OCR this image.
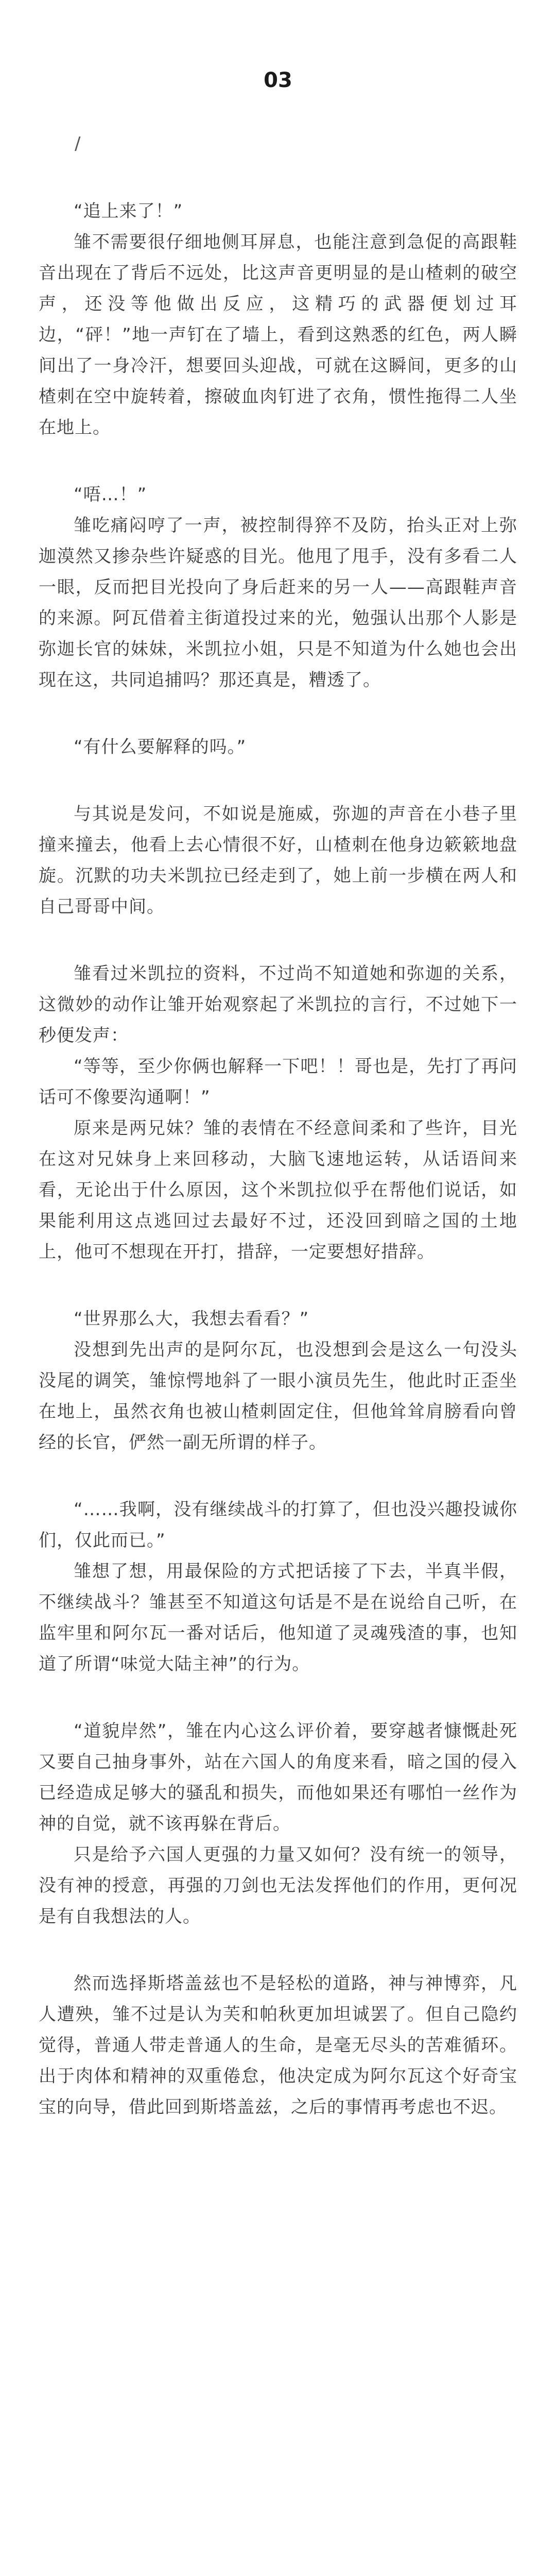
03
/

“追上来了！”

雏不需要很仔细地侧耳屏息，也能注意到急促的高跟鞋音出现在了背后不远处，比这声音更明显的是山楂刺的破空声，还没等他做出反应，这精巧的武器便划过耳边，“砰！”地一声钉在了墙上，看到这熟悉的红色，两人瞬间出了一身冷汗，想要回头迎战，可就在这瞬间，更多的山楂刺在空中旋转着，擦破血肉钉进了衣角，惯性拖得二人坐在地上。

“唔…！”

雏吃痛闷哼了一声，被控制得猝不及防，抬头正对上弥迦漠然又掺杂些许疑惑的目光。他甩了甩手，没有多看二人一眼，反而把目光投向了身后赶来的另一人——高跟鞋声音的来源。阿瓦借着主街道投过来的光，勉强认出那个人影是弥迦长官的妹妹，米凯拉小姐，只是不知道为什么她也会出现在这，共同追捕吗？那还真是，糟透了。

“有什么要解释的吗。”

与其说是发问，不如说是施威，弥迦的声音在小巷子里撞来撞去，他看上去心情很不好，山楂刺在他身边簌簌地盘旋。沉默的功夫米凯拉已经走到了，她上前一步横在两人和自己哥哥中间。

雏看过米凯拉的资料，不过尚不知道她和弥迦的关系，这微妙的动作让雏开始观察起了米凯拉的言行，不过她下一秒便发声：

“等等，至少你俩也解释一下吧！！哥也是，先打了再问话可不像要沟通啊！”

原来是两兄妹？雏的表情在不经意间柔和了些许，目光在这对兄妹身上来回移动，大脑飞速地运转，从话语间来看，无论出于什么原因，这个米凯拉似乎在帮他们说话，如果能利用这点逃回过去最好不过，还没回到暗之国的土地上，他可不想现在开打，措辞，一定要想好措辞。

“世界那么大，我想去看看？”

没想到先出声的是阿尔瓦，也没想到会是这么一句没头没尾的调笑，雏惊愕地斜了一眼小演员先生，他此时正歪坐在地上，虽然衣角也被山楂刺固定住，但他耸耸肩膀看向曾经的长官，俨然一副无所谓的样子。

“……我啊，没有继续战斗的打算了，但也没兴趣投诚你们，仅此而已。”

雏想了想，用最保险的方式把话接了下去，半真半假，不继续战斗？雏甚至不知道这句话是不是在说给自己听，在监牢里和阿尔瓦一番对话后，他知道了灵魂残渣的事，也知道了所谓“味觉大陆主神”的行为。

“道貌岸然”，雏在内心这么评价着，要穿越者慷慨赴死又要自己抽身事外，站在六国人的角度来看，暗之国的侵入已经造成足够大的骚乱和损失，而他如果还有哪怕一丝作为神的自觉，就不该再躲在背后。

只是给予六国人更强的力量又如何？没有统一的领导，没有神的授意，再强的刀剑也无法发挥他们的作用，更何况是有自我想法的人。

然而选择斯塔盖兹也不是轻松的道路，神与神博弈，凡人遭殃，雏不过是认为芙和帕秋更加坦诚罢了。但自己隐约觉得，普通人带走普通人的生命，是毫无尽头的苦难循环。出于肉体和精神的双重倦怠，他决定成为阿尔瓦这个好奇宝宝的向导，借此回到斯塔盖兹，之后的事情再考虑也不迟。
